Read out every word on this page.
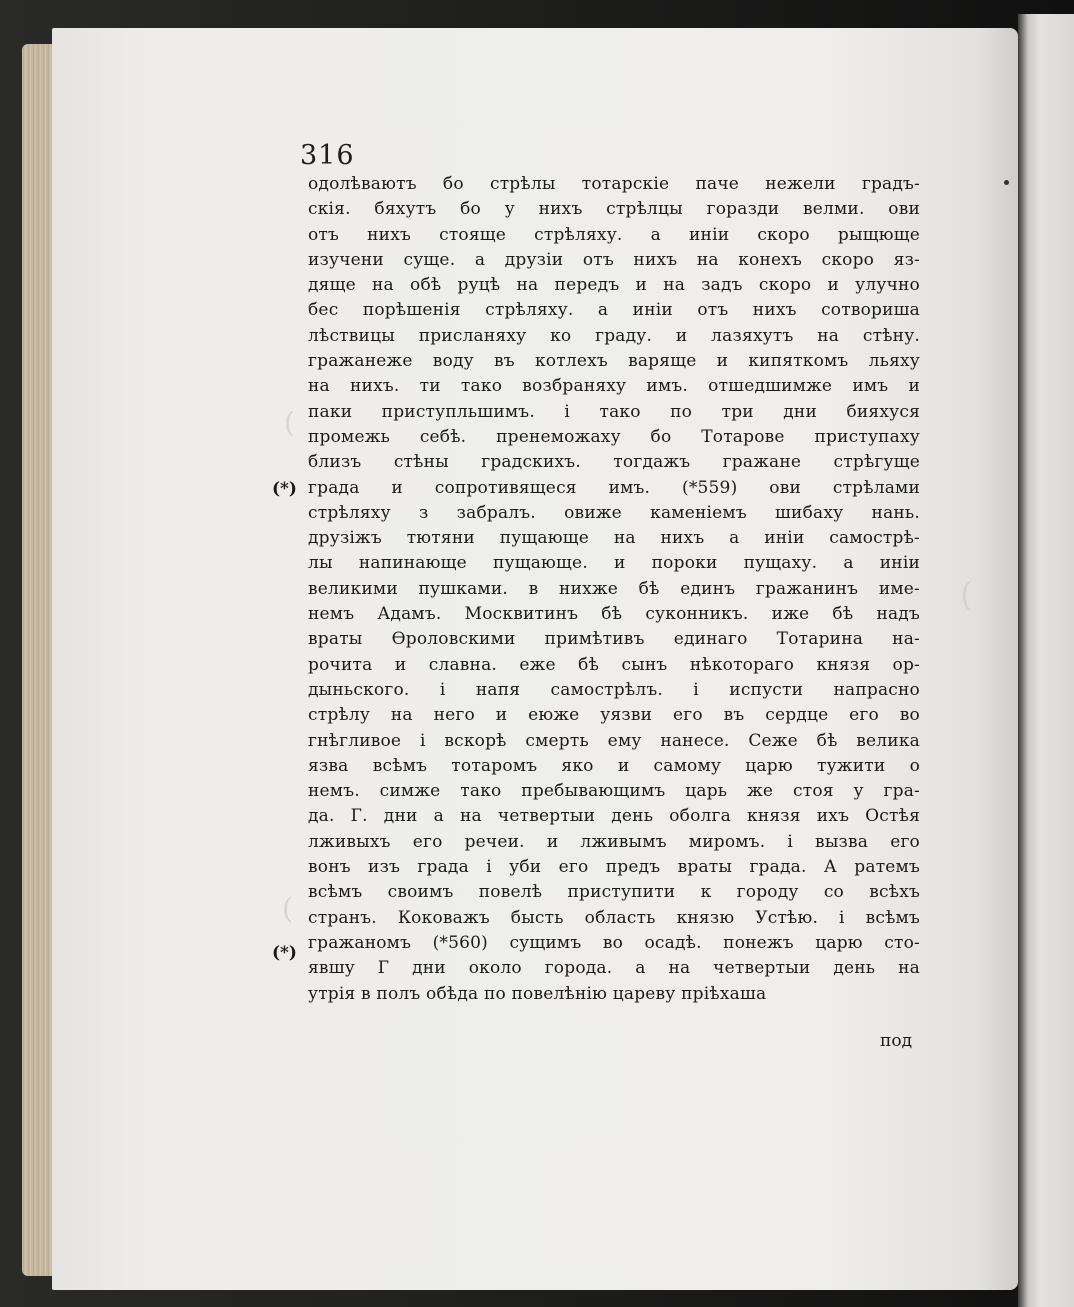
(
(
(
316
(*)
(*)
одолѣваютъ бо стрѣлы тотарскiе паче нежели градъ-
скiя. бяхутъ бо у нихъ стрѣлцы горазди велми. ови
отъ нихъ стояще стрѣляху. а инiи скоро рыщюще
изучени суще. а друзiи отъ нихъ на конехъ скоро яз-
дяще на обѣ руцѣ на передъ и на задъ скоро и улучно
бес порѣшенiя стрѣляху. а инiи отъ нихъ сотвориша
лѣствицы присланяху ко граду. и лазяхутъ на стѣну.
гражанеже воду въ котлехъ варяще и кипяткомъ льяху
на нихъ. ти тако возбраняху имъ. отшедшимже имъ и
паки приступльшимъ. і тако по три дни бияхуся
промежь себѣ. пренеможаху бо Тотарове приступаху
близъ стѣны градскихъ. тогдажъ гражане стрѣгуще
града и сопротивящеся имъ. (*559) ови стрѣлами
стрѣляху з забралъ. овиже каменiемъ шибаху нань.
друзiжъ тютяни пущающе на нихъ а инiи самострѣ-
лы напинающе пущающе. и пороки пущаху. а инiи
великими пушками. в нихже бѣ единъ гражанинъ име-
немъ Адамъ. Москвитинъ бѣ суконникъ. иже бѣ надъ
враты Ѳроловскими примѣтивъ единаго Тотарина на-
рочита и славна. еже бѣ сынъ нѣкотораго князя ор-
дыньского. і напя самострѣлъ. і испусти напрасно
стрѣлу на него и еюже уязви его въ сердце его во
гнѣгливое і вскорѣ смерть ему нанесе. Сеже бѣ велика
язва всѣмъ тотаромъ яко и самому царю тужити о
немъ. симже тако пребывающимъ царь же стоя у гра-
да. Г. дни а на четвертыи день оболга князя ихъ Остѣя
лживыхъ его речеи. и лживымъ миромъ. і вызва его
вонъ изъ града і уби его предъ враты града. А ратемъ
всѣмъ своимъ повелѣ приступити к городу со всѣхъ
странъ. Коковажъ бысть область князю Устѣю. і всѣмъ
гражаномъ (*560) сущимъ во осадѣ. понежъ царю сто-
явшу Г дни около города. а на четвертыи день на
утрiя в полъ обѣда по повелѣнiю цареву прiѣхаша
под
